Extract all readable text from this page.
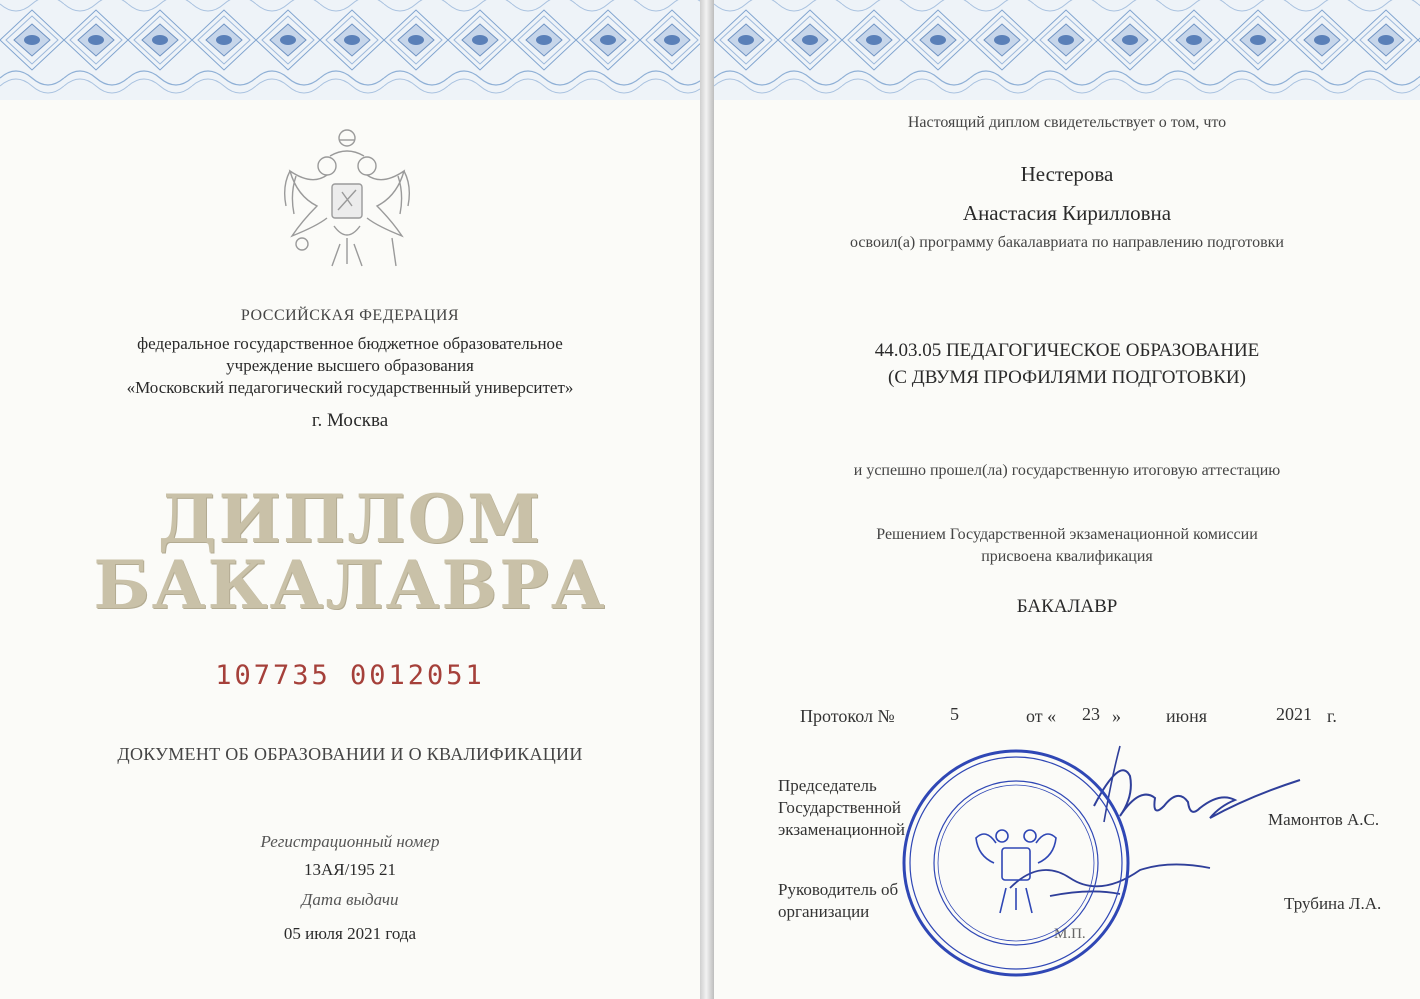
РОССИЙСКАЯ ФЕДЕРАЦИЯ
федеральное государственное бюджетное образовательное
учреждение высшего образования
«Московский педагогический государственный университет»
г. Москва
ДИПЛОМ
БАКАЛАВРА
107735 0012051
ДОКУМЕНТ ОБ ОБРАЗОВАНИИ И О КВАЛИФИКАЦИИ
Регистрационный номер
13АЯ/195 21
Дата выдачи
05 июля 2021 года
Настоящий диплом свидетельствует о том, что
Нестерова
Анастасия Кирилловна
освоил(а) программу бакалавриата по направлению подготовки
44.03.05 ПЕДАГОГИЧЕСКОЕ ОБРАЗОВАНИЕ
(С ДВУМЯ ПРОФИЛЯМИ ПОДГОТОВКИ)
и успешно прошел(ла) государственную итоговую аттестацию
Решением Государственной экзаменационной комиссии
присвоена квалификация
БАКАЛАВР
Протокол №	5	от « 23 »	июня	2021 г.
Председатель
Государственной
экзаменационной
Мамонтов А.С.
Руководитель об
организации	Трубина Л.А.
М.П.
